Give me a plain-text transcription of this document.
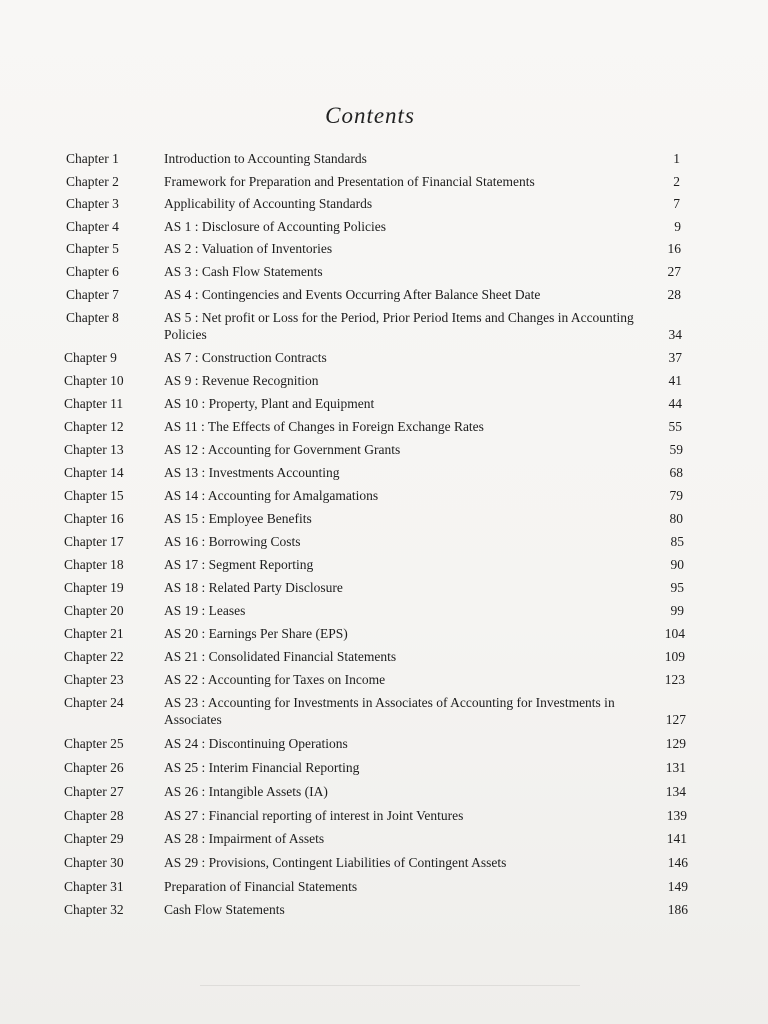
Contents
Chapter 1	Introduction to Accounting Standards	1
Chapter 2	Framework for Preparation and Presentation of Financial Statements	2
Chapter 3	Applicability of Accounting Standards	7
Chapter 4	AS 1 : Disclosure of Accounting Policies	9
Chapter 5	AS 2 : Valuation of Inventories	16
Chapter 6	AS 3 : Cash Flow Statements	27
Chapter 7	AS 4 : Contingencies and Events Occurring After Balance Sheet Date	28
Chapter 8	AS 5 : Net profit or Loss for the Period, Prior Period Items and Changes in Accounting Policies	34
Chapter 9	AS 7 : Construction Contracts	37
Chapter 10	AS 9 : Revenue Recognition	41
Chapter 11	AS 10 : Property, Plant and Equipment	44
Chapter 12	AS 11 : The Effects of Changes in Foreign Exchange Rates	55
Chapter 13	AS 12 : Accounting for Government Grants	59
Chapter 14	AS 13 : Investments Accounting	68
Chapter 15	AS 14 : Accounting for Amalgamations	79
Chapter 16	AS 15 : Employee Benefits	80
Chapter 17	AS 16 : Borrowing Costs	85
Chapter 18	AS 17 : Segment Reporting	90
Chapter 19	AS 18 : Related Party Disclosure	95
Chapter 20	AS 19 : Leases	99
Chapter 21	AS 20 : Earnings Per Share (EPS)	104
Chapter 22	AS 21 : Consolidated Financial Statements	109
Chapter 23	AS 22 : Accounting for Taxes on Income	123
Chapter 24	AS 23 : Accounting for Investments in Associates of Accounting for Investments in Associates	127
Chapter 25	AS 24 : Discontinuing Operations	129
Chapter 26	AS 25 : Interim Financial Reporting	131
Chapter 27	AS 26 : Intangible Assets (IA)	134
Chapter 28	AS 27 : Financial reporting of interest in Joint Ventures	139
Chapter 29	AS 28 : Impairment of Assets	141
Chapter 30	AS 29 : Provisions, Contingent Liabilities of Contingent Assets	146
Chapter 31	Preparation of Financial Statements	149
Chapter 32	Cash Flow Statements	186
